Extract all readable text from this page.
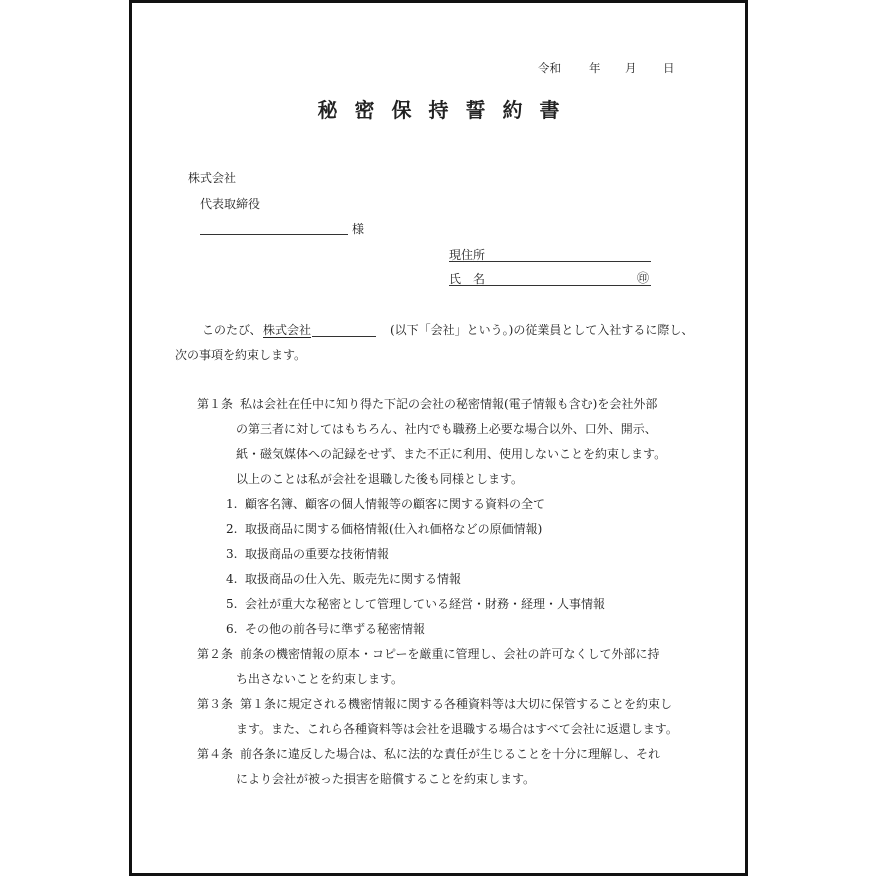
令和 年 月 日
秘密保持誓約書
株式会社
代表取締役
様
現住所
氏　名	㊞
このたび、 株式会社	(以下「会社」という。)の従業員として入社するに際し、
次の事項を約束します。
第１条 私は会社在任中に知り得た下記の会社の秘密情報(電子情報も含む)を会社外部
の第三者に対してはもちろん、社内でも職務上必要な場合以外、口外、開示、
紙・磁気媒体への記録をせず、また不正に利用、使用しないことを約束します。
以上のことは私が会社を退職した後も同様とします。
1. 顧客名簿、顧客の個人情報等の顧客に関する資料の全て
2. 取扱商品に関する価格情報(仕入れ価格などの原価情報)
3. 取扱商品の重要な技術情報
4. 取扱商品の仕入先、販売先に関する情報
5. 会社が重大な秘密として管理している経営・財務・経理・人事情報
6. その他の前各号に準ずる秘密情報
第２条 前条の機密情報の原本・コピーを厳重に管理し、会社の許可なくして外部に持
ち出さないことを約束します。
第３条 第１条に規定される機密情報に関する各種資料等は大切に保管することを約束し
ます。また、これら各種資料等は会社を退職する場合はすべて会社に返還します。
第４条 前各条に違反した場合は、私に法的な責任が生じることを十分に理解し、それ
により会社が被った損害を賠償することを約束します。
